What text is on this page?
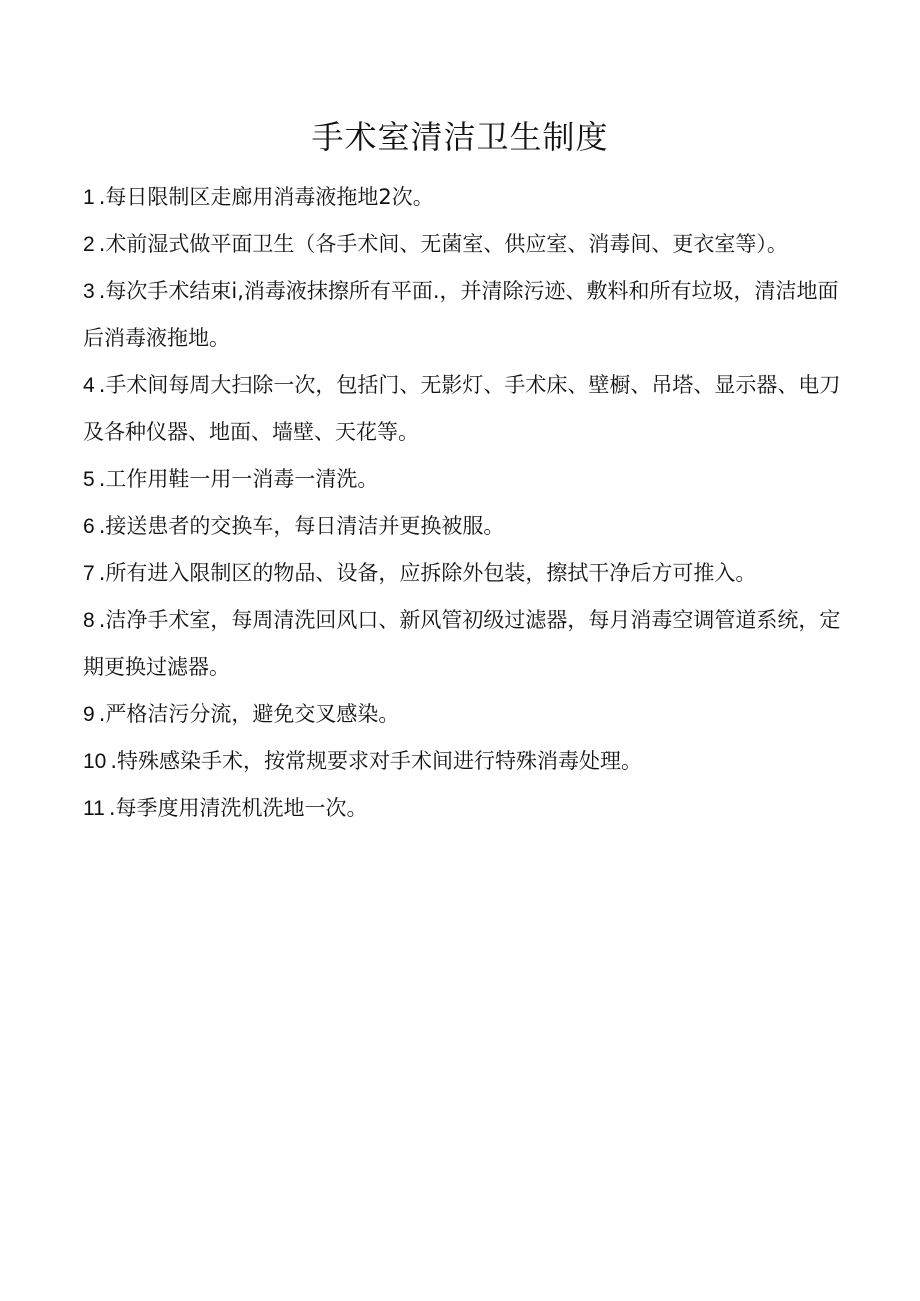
手术室清洁卫生制度
1 .每日限制区走廊用消毒液拖地2次。
2 .术前湿式做平面卫生（各手术间、无菌室、供应室、消毒间、更衣室等）。
3 .每次手术结束i,消毒液抹擦所有平面.，并清除污迹、敷料和所有垃圾，清洁地面后消毒液拖地。
4 .手术间每周大扫除一次，包括门、无影灯、手术床、壁橱、吊塔、显示器、电刀及各种仪器、地面、墙壁、天花等。
5 .工作用鞋一用一消毒一清洗。
6 .接送患者的交换车，每日清洁并更换被服。
7 .所有进入限制区的物品、设备，应拆除外包装，擦拭干净后方可推入。
8 .洁净手术室，每周清洗回风口、新风管初级过滤器，每月消毒空调管道系统，定期更换过滤器。
9 .严格洁污分流，避免交叉感染。
10 .特殊感染手术，按常规要求对手术间进行特殊消毒处理。
11 .每季度用清洗机洗地一次。
